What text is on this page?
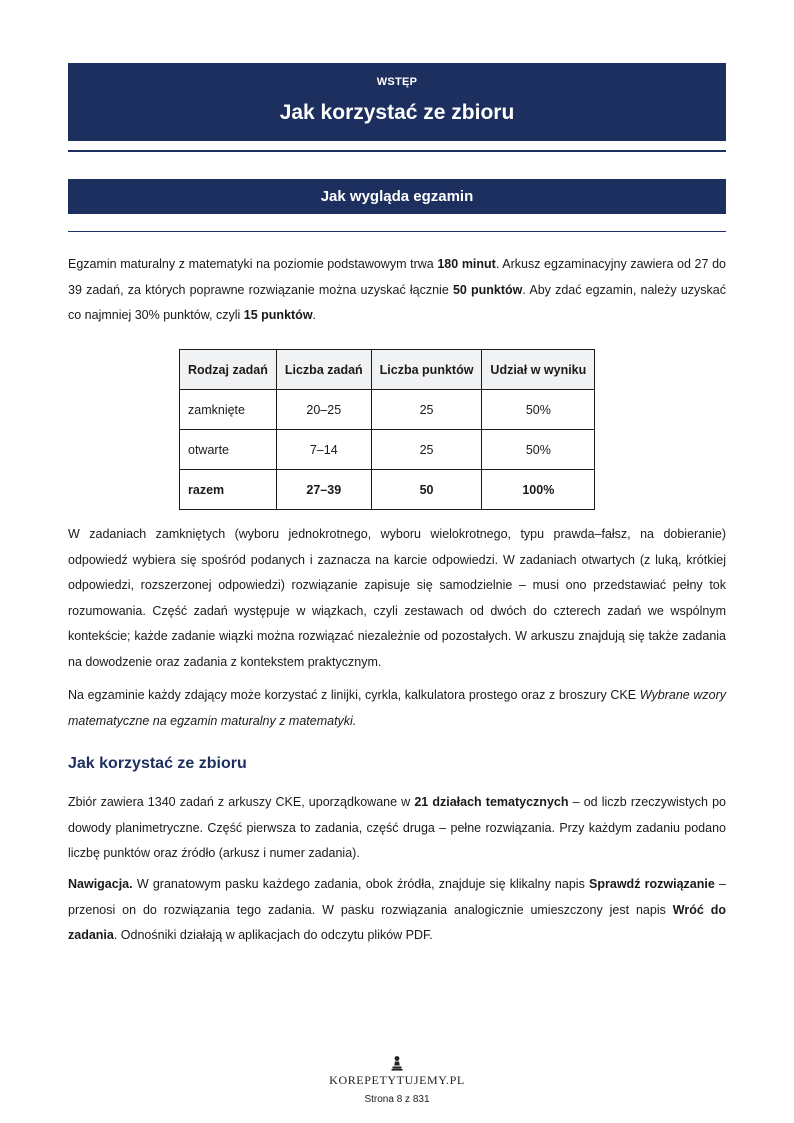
WSTĘP
Jak korzystać ze zbioru
Jak wygląda egzamin

Egzamin maturalny z matematyki na poziomie podstawowym trwa 180 minut. Arkusz egzaminacyjny zawiera od 27 do 39 zadań, za których poprawne rozwiązanie można uzyskać łącznie 50 punktów. Aby zdać egzamin, należy uzyskać co najmniej 30% punktów, czyli 15 punktów.

Rodzaj zadań	Liczba zadań	Liczba punktów	Udział w wyniku
zamknięte	20–25	25	50%
otwarte	7–14	25	50%
razem	27–39	50	100%

W zadaniach zamkniętych (wyboru jednokrotnego, wyboru wielokrotnego, typu prawda–fałsz, na dobieranie) odpowiedź wybiera się spośród podanych i zaznacza na karcie odpowiedzi. W zadaniach otwartych (z luką, krótkiej odpowiedzi, rozszerzonej odpowiedzi) rozwiązanie zapisuje się samodzielnie – musi ono przedstawiać pełny tok rozumowania. Część zadań występuje w wiązkach, czyli zestawach od dwóch do czterech zadań we wspólnym kontekście; każde zadanie wiązki można rozwiązać niezależnie od pozostałych. W arkuszu znajdują się także zadania na dowodzenie oraz zadania z kontekstem praktycznym.

Na egzaminie każdy zdający może korzystać z linijki, cyrkla, kalkulatora prostego oraz z broszury CKE Wybrane wzory matematyczne na egzamin maturalny z matematyki.

Jak korzystać ze zbioru

Zbiór zawiera 1340 zadań z arkuszy CKE, uporządkowane w 21 działach tematycznych – od liczb rzeczywistych po dowody planimetryczne. Część pierwsza to zadania, część druga – pełne rozwiązania. Przy każdym zadaniu podano liczbę punktów oraz źródło (arkusz i numer zadania).

Nawigacja. W granatowym pasku każdego zadania, obok źródła, znajduje się klikalny napis Sprawdź rozwiązanie – przenosi on do rozwiązania tego zadania. W pasku rozwiązania analogicznie umieszczony jest napis Wróć do zadania. Odnośniki działają w aplikacjach do odczytu plików PDF.

KOREPETYTUJEMY.PL
Strona 8 z 831
